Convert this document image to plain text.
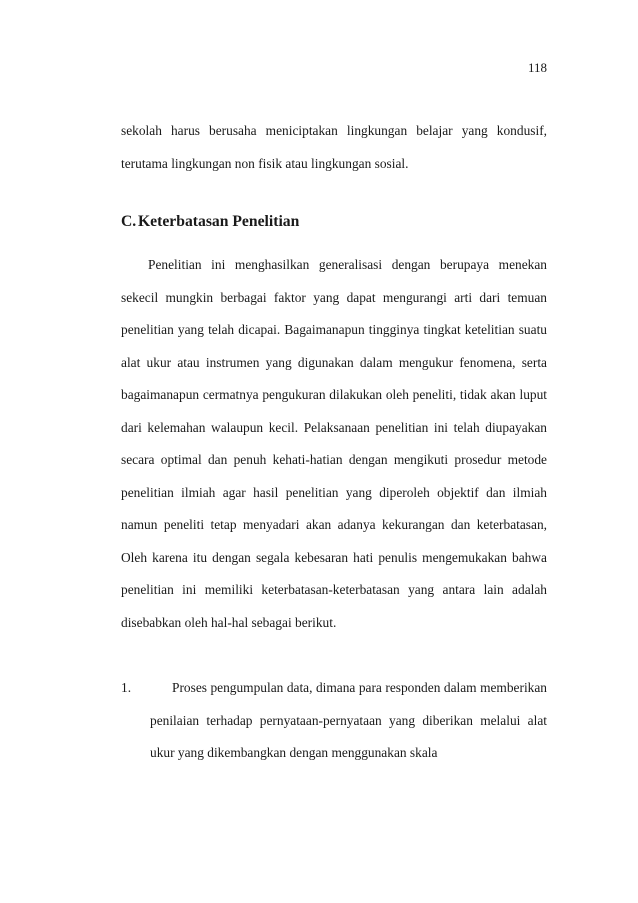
118

sekolah harus berusaha meniciptakan lingkungan belajar yang kondusif, terutama lingkungan non fisik atau lingkungan sosial.

C. Keterbatasan Penelitian

Penelitian ini menghasilkan generalisasi dengan berupaya menekan sekecil mungkin berbagai faktor yang dapat mengurangi arti dari temuan penelitian yang telah dicapai. Bagaimanapun tingginya tingkat ketelitian suatu alat ukur atau instrumen yang digunakan dalam mengukur fenomena, serta bagaimanapun cermatnya pengukuran dilakukan oleh peneliti, tidak akan luput dari kelemahan walaupun kecil. Pelaksanaan penelitian ini telah diupayakan secara optimal dan penuh kehati-hatian dengan mengikuti prosedur metode penelitian ilmiah agar hasil penelitian yang diperoleh objektif dan ilmiah namun peneliti tetap menyadari akan adanya kekurangan dan keterbatasan, Oleh karena itu dengan segala kebesaran hati penulis mengemukakan bahwa penelitian ini memiliki keterbatasan-keterbatasan yang antara lain adalah disebabkan oleh hal-hal sebagai berikut.

1.	Proses pengumpulan data, dimana para responden dalam memberikan penilaian terhadap pernyataan-pernyataan yang diberikan melalui alat ukur yang dikembangkan dengan menggunakan skala
